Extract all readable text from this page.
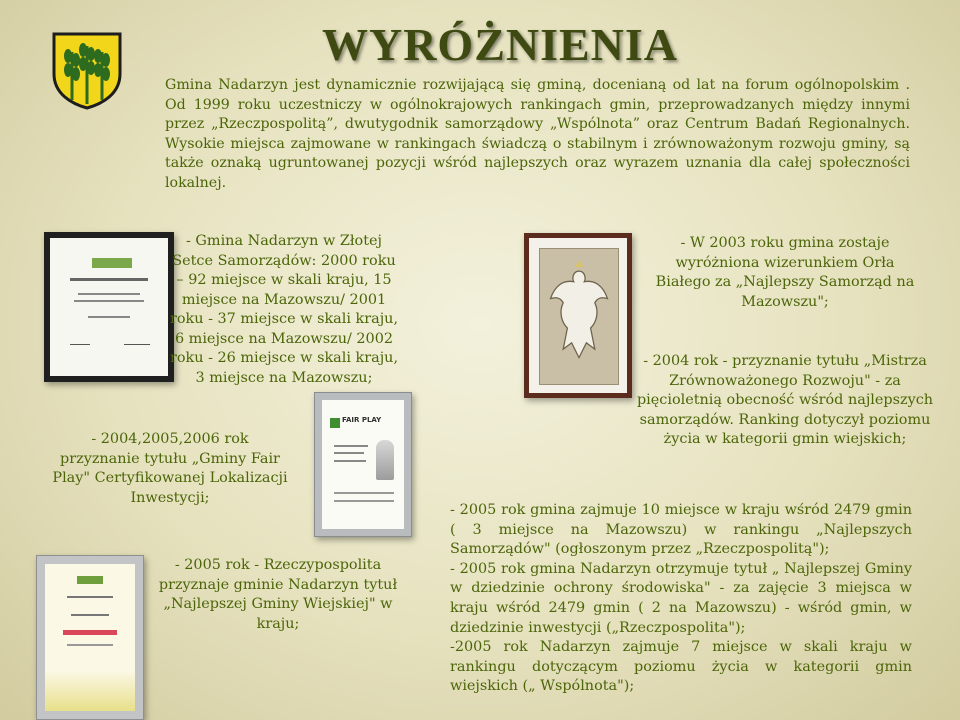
WYRÓŻNIENIA

Gmina Nadarzyn jest dynamicznie rozwijającą się gminą, docenianą od lat na forum ogólnopolskim . Od 1999 roku uczestniczy w ogólnokrajowych rankingach gmin, przeprowadzanych między innymi przez „Rzeczpospolitą”, dwutygodnik samorządowy „Wspólnota” oraz Centrum Badań Regionalnych. Wysokie miejsca zajmowane w rankingach świadczą o stabilnym i zrównoważonym rozwoju gminy, są także oznaką ugruntowanej pozycji wśród najlepszych oraz wyrazem uznania dla całej społeczności lokalnej.

- Gmina Nadarzyn w Złotej Setce Samorządów: 2000 roku – 92 miejsce w skali kraju, 15 miejsce na Mazowszu/ 2001 roku - 37 miejsce w skali kraju, 6 miejsce na Mazowszu/ 2002 roku - 26 miejsce w skali kraju, 3 miejsce na Mazowszu;
- 2004,2005,2006 rok przyznanie tytułu „Gminy Fair Play" Certyfikowanej Lokalizacji Inwestycji;
FAIR PLAY
- 2005 rok - Rzeczypospolita przyznaje gminie Nadarzyn tytuł „Najlepszej Gminy Wiejskiej" w kraju;
- W 2003 roku gmina zostaje wyróżniona wizerunkiem Orła Białego za „Najlepszy Samorząd na Mazowszu";
- 2004 rok - przyznanie tytułu „Mistrza Zrównoważonego Rozwoju" - za pięcioletnią obecność wśród najlepszych samorządów. Ranking dotyczył poziomu życia w kategorii gmin wiejskich;
- 2005 rok gmina zajmuje 10 miejsce w kraju wśród 2479 gmin ( 3 miejsce na Mazowszu) w rankingu „Najlepszych Samorządów" (ogłoszonym przez „Rzeczpospolitą");
- 2005 rok gmina Nadarzyn otrzymuje tytuł „ Najlepszej Gminy w dziedzinie ochrony środowiska" - za zajęcie 3 miejsca w kraju wśród 2479 gmin ( 2 na Mazowszu) - wśród gmin, w dziedzinie inwestycji („Rzeczpospolita");
-2005 rok Nadarzyn zajmuje 7 miejsce w skali kraju w rankingu dotyczącym poziomu życia w kategorii gmin wiejskich („ Wspólnota");
